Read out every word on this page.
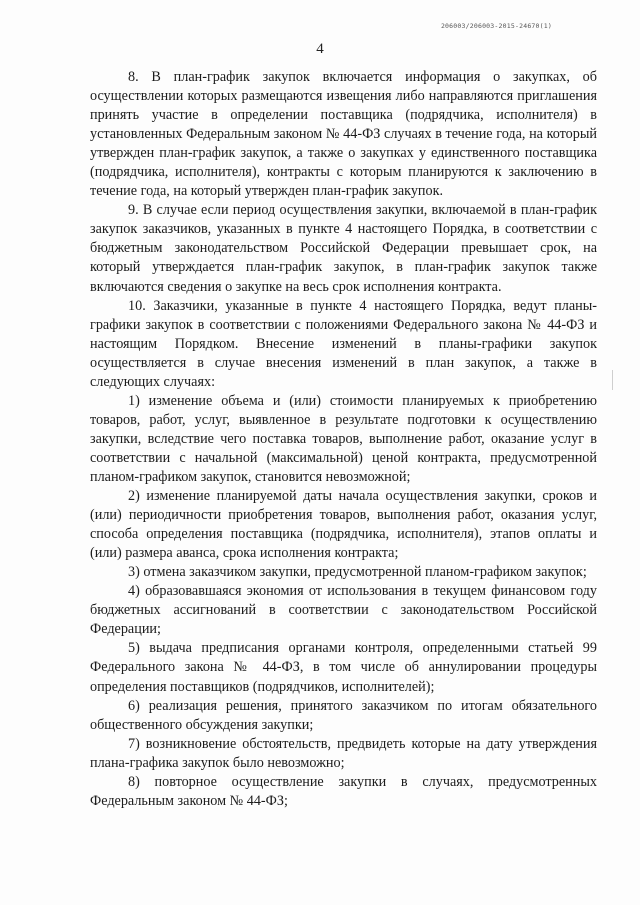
206003/206003-2015-24670(1)
4

8. В план-график закупок включается информация о закупках, об осуществлении которых размещаются извещения либо направляются приглашения принять участие в определении поставщика (подрядчика, исполнителя) в установленных Федеральным законом № 44-ФЗ случаях в течение года, на который утвержден план-график закупок, а также о закупках у единственного поставщика (подрядчика, исполнителя), контракты с которым планируются к заключению в течение года, на который утвержден план-график закупок.

9. В случае если период осуществления закупки, включаемой в план-график закупок заказчиков, указанных в пункте 4 настоящего Порядка, в соответствии с бюджетным законодательством Российской Федерации превышает срок, на который утверждается план-график закупок, в план-график закупок также включаются сведения о закупке на весь срок исполнения контракта.

10. Заказчики, указанные в пункте 4 настоящего Порядка, ведут планы-графики закупок в соответствии с положениями Федерального закона № 44-ФЗ и настоящим Порядком. Внесение изменений в планы-графики закупок осуществляется в случае внесения изменений в план закупок, а также в следующих случаях:

1) изменение объема и (или) стоимости планируемых к приобретению товаров, работ, услуг, выявленное в результате подготовки к осуществлению закупки, вследствие чего поставка товаров, выполнение работ, оказание услуг в соответствии с начальной (максимальной) ценой контракта, предусмотренной планом-графиком закупок, становится невозможной;

2) изменение планируемой даты начала осуществления закупки, сроков и (или) периодичности приобретения товаров, выполнения работ, оказания услуг, способа определения поставщика (подрядчика, исполнителя), этапов оплаты и (или) размера аванса, срока исполнения контракта;

3) отмена заказчиком закупки, предусмотренной планом-графиком закупок;

4) образовавшаяся экономия от использования в текущем финансовом году бюджетных ассигнований в соответствии с законодательством Российской Федерации;

5) выдача предписания органами контроля, определенными статьей 99 Федерального закона № 44-ФЗ, в том числе об аннулировании процедуры определения поставщиков (подрядчиков, исполнителей);

6) реализация решения, принятого заказчиком по итогам обязательного общественного обсуждения закупки;

7) возникновение обстоятельств, предвидеть которые на дату утверждения плана-графика закупок было невозможно;

8) повторное осуществление закупки в случаях, предусмотренных Федеральным законом № 44-ФЗ;
